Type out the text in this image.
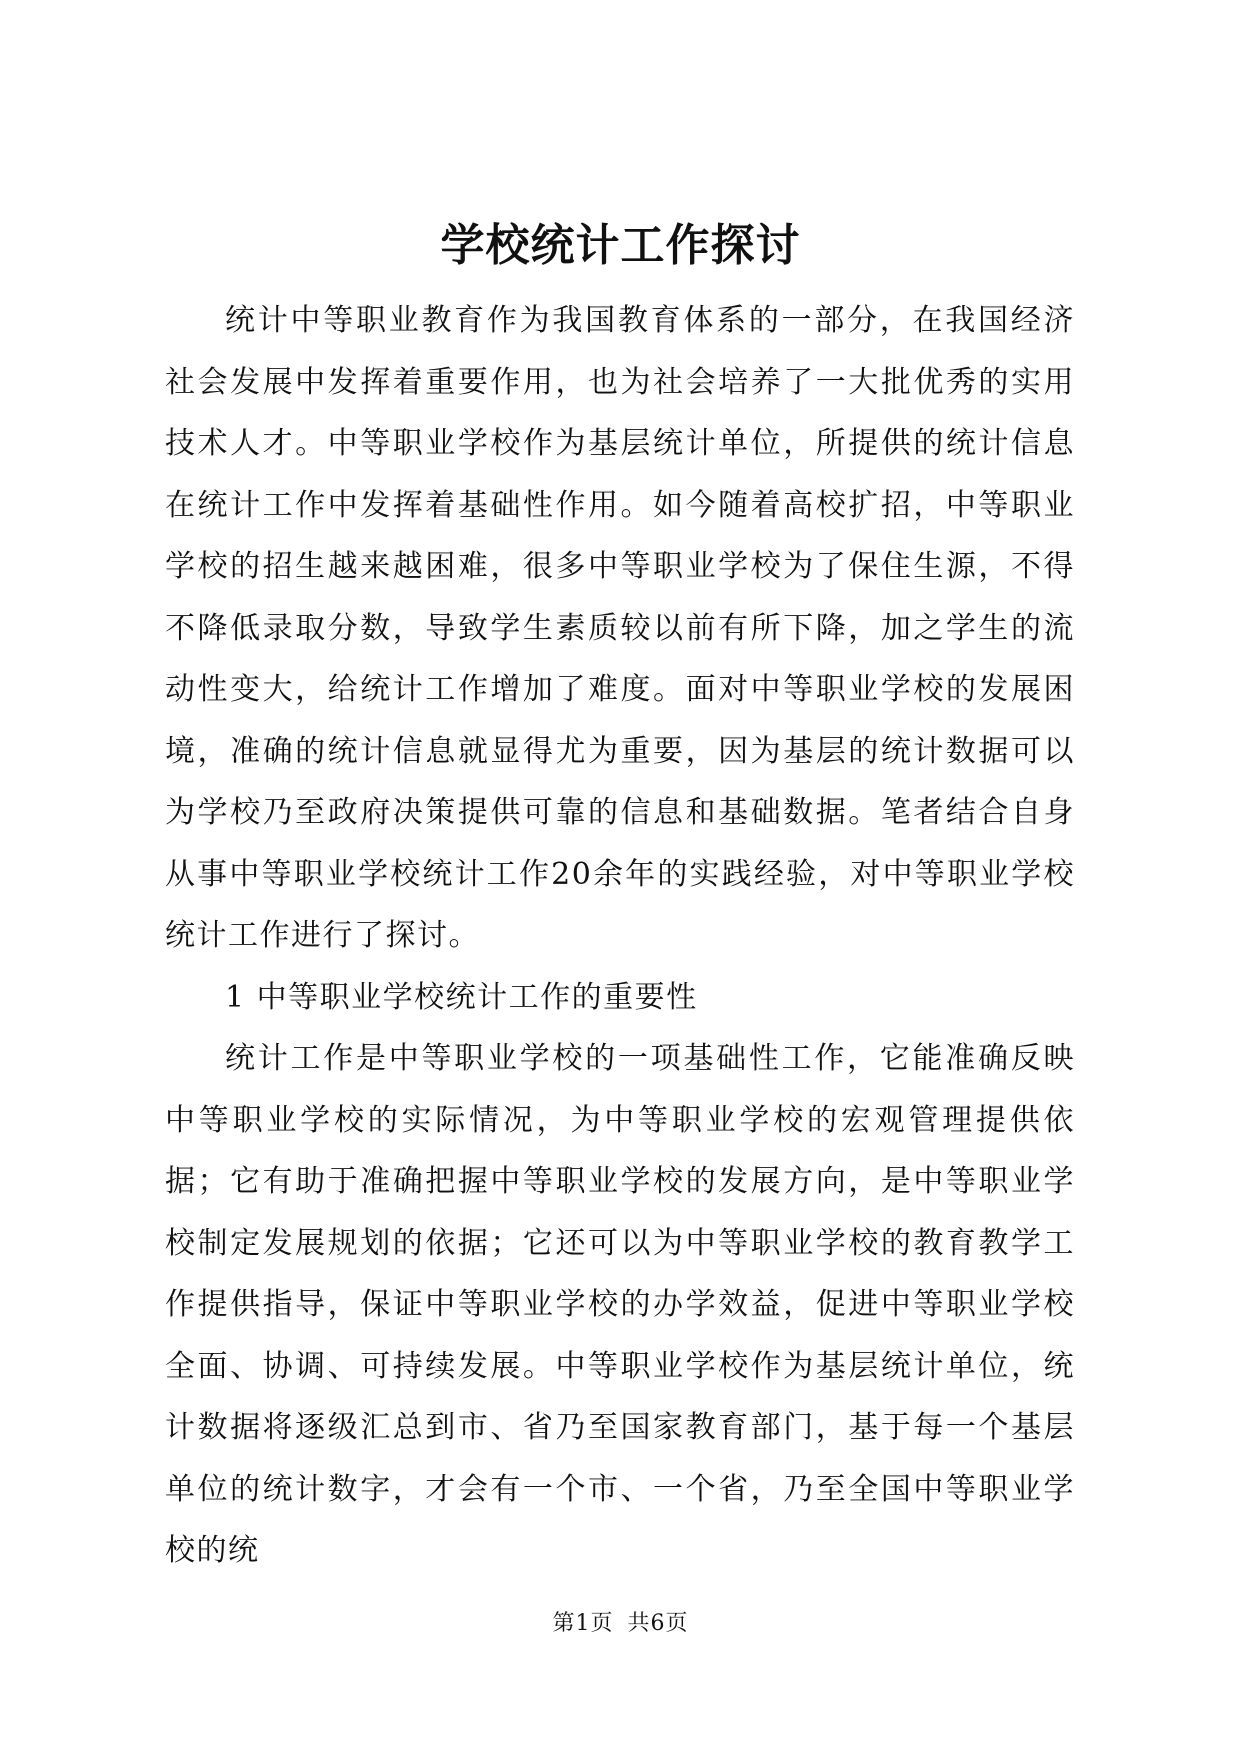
学校统计工作探讨

统计中等职业教育作为我国教育体系的一部分，在我国经济社会发展中发挥着重要作用，也为社会培养了一大批优秀的实用技术人才。中等职业学校作为基层统计单位，所提供的统计信息在统计工作中发挥着基础性作用。如今随着高校扩招，中等职业学校的招生越来越困难，很多中等职业学校为了保住生源，不得不降低录取分数，导致学生素质较以前有所下降，加之学生的流动性变大，给统计工作增加了难度。面对中等职业学校的发展困境，准确的统计信息就显得尤为重要，因为基层的统计数据可以为学校乃至政府决策提供可靠的信息和基础数据。笔者结合自身从事中等职业学校统计工作20余年的实践经验，对中等职业学校统计工作进行了探讨。

1 中等职业学校统计工作的重要性

统计工作是中等职业学校的一项基础性工作，它能准确反映中等职业学校的实际情况，为中等职业学校的宏观管理提供依据；它有助于准确把握中等职业学校的发展方向，是中等职业学校制定发展规划的依据；它还可以为中等职业学校的教育教学工作提供指导，保证中等职业学校的办学效益，促进中等职业学校全面、协调、可持续发展。中等职业学校作为基层统计单位，统计数据将逐级汇总到市、省乃至国家教育部门，基于每一个基层单位的统计数字，才会有一个市、一个省，乃至全国中等职业学校的统

第1页 共6页
